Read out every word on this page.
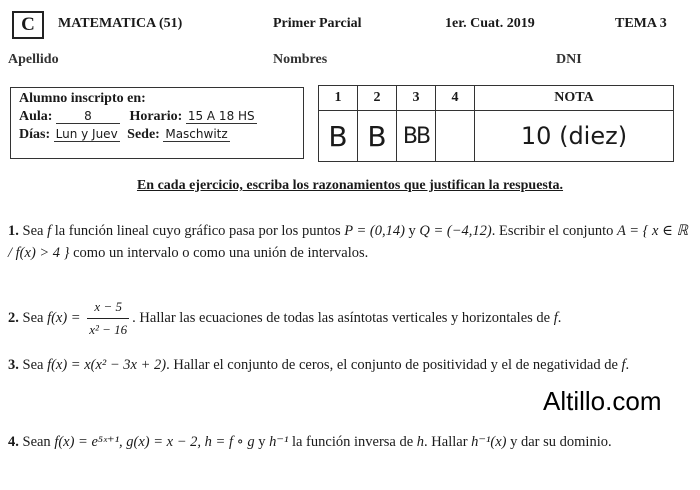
C	MATEMATICA (51)	Primer Parcial	1er. Cuat. 2019	TEMA 3
Apellido	Nombres	DNI
Alumno inscripto en:
Aula:	8	Horario: 15 A 18 HS
Días: Lun y Juev Sede: Maschwitz
1	2	3	4	NOTA
B	B	BB		10 (diez)
En cada ejercicio, escriba los razonamientos que justifican la respuesta.
1. Sea f la función lineal cuyo gráfico pasa por los puntos P = (0,14) y Q = (−4,12). Escribir el conjunto A = { x ∈ ℝ / f(x) > 4 } como un intervalo o como una unión de intervalos.
2. Sea $f(x) = \frac{x - 5}{\text{x² − 16}}$ . Hallar las ecuaciones de todas las asíntotas verticales y horizontales de f.
3. Sea f(x) = x(x² − 3x + 2). Hallar el conjunto de ceros, el conjunto de positividad y el de negatividad de f.
4. Sean f(x) = e⁵ˣ⁺¹, g(x) = x − 2, h = f ∘ g y h⁻¹ la función inversa de h. Hallar h⁻¹(x) y dar su dominio.
Altillo.com
